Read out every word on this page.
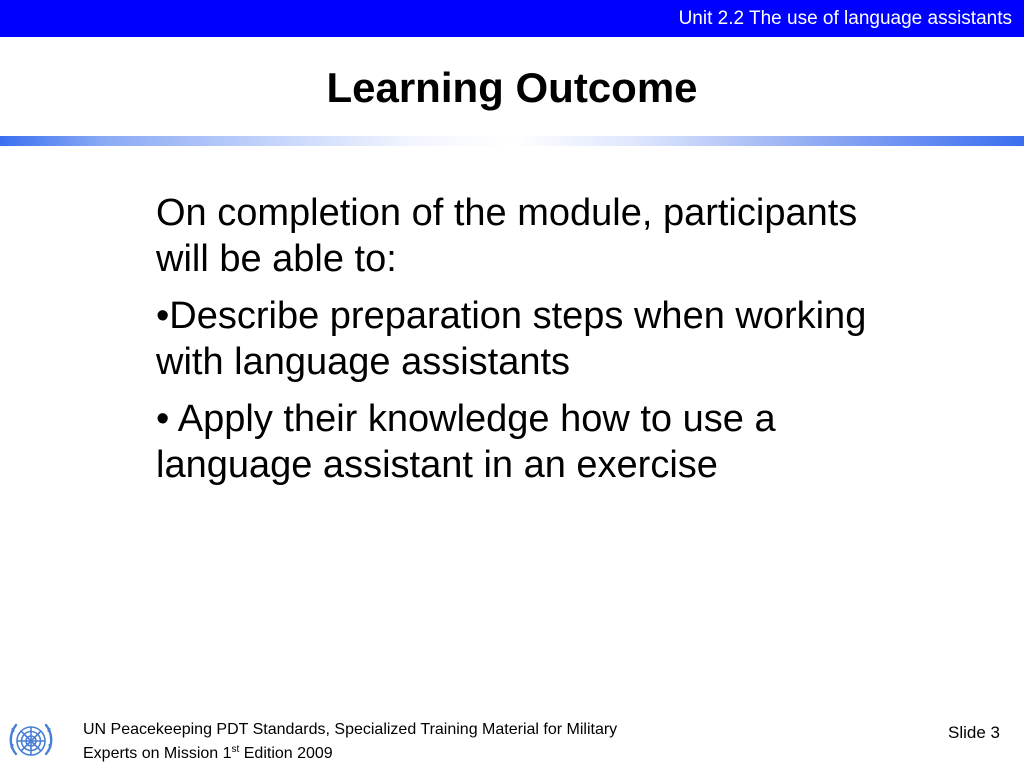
Unit 2.2 The use of language assistants
Learning Outcome

On completion of the module, participants will be able to:

•Describe preparation steps when working with language assistants

• Apply their knowledge how to use a language assistant in an exercise

UN Peacekeeping PDT Standards, Specialized Training Material for Military
Experts on Mission 1st Edition 2009
Slide 3
